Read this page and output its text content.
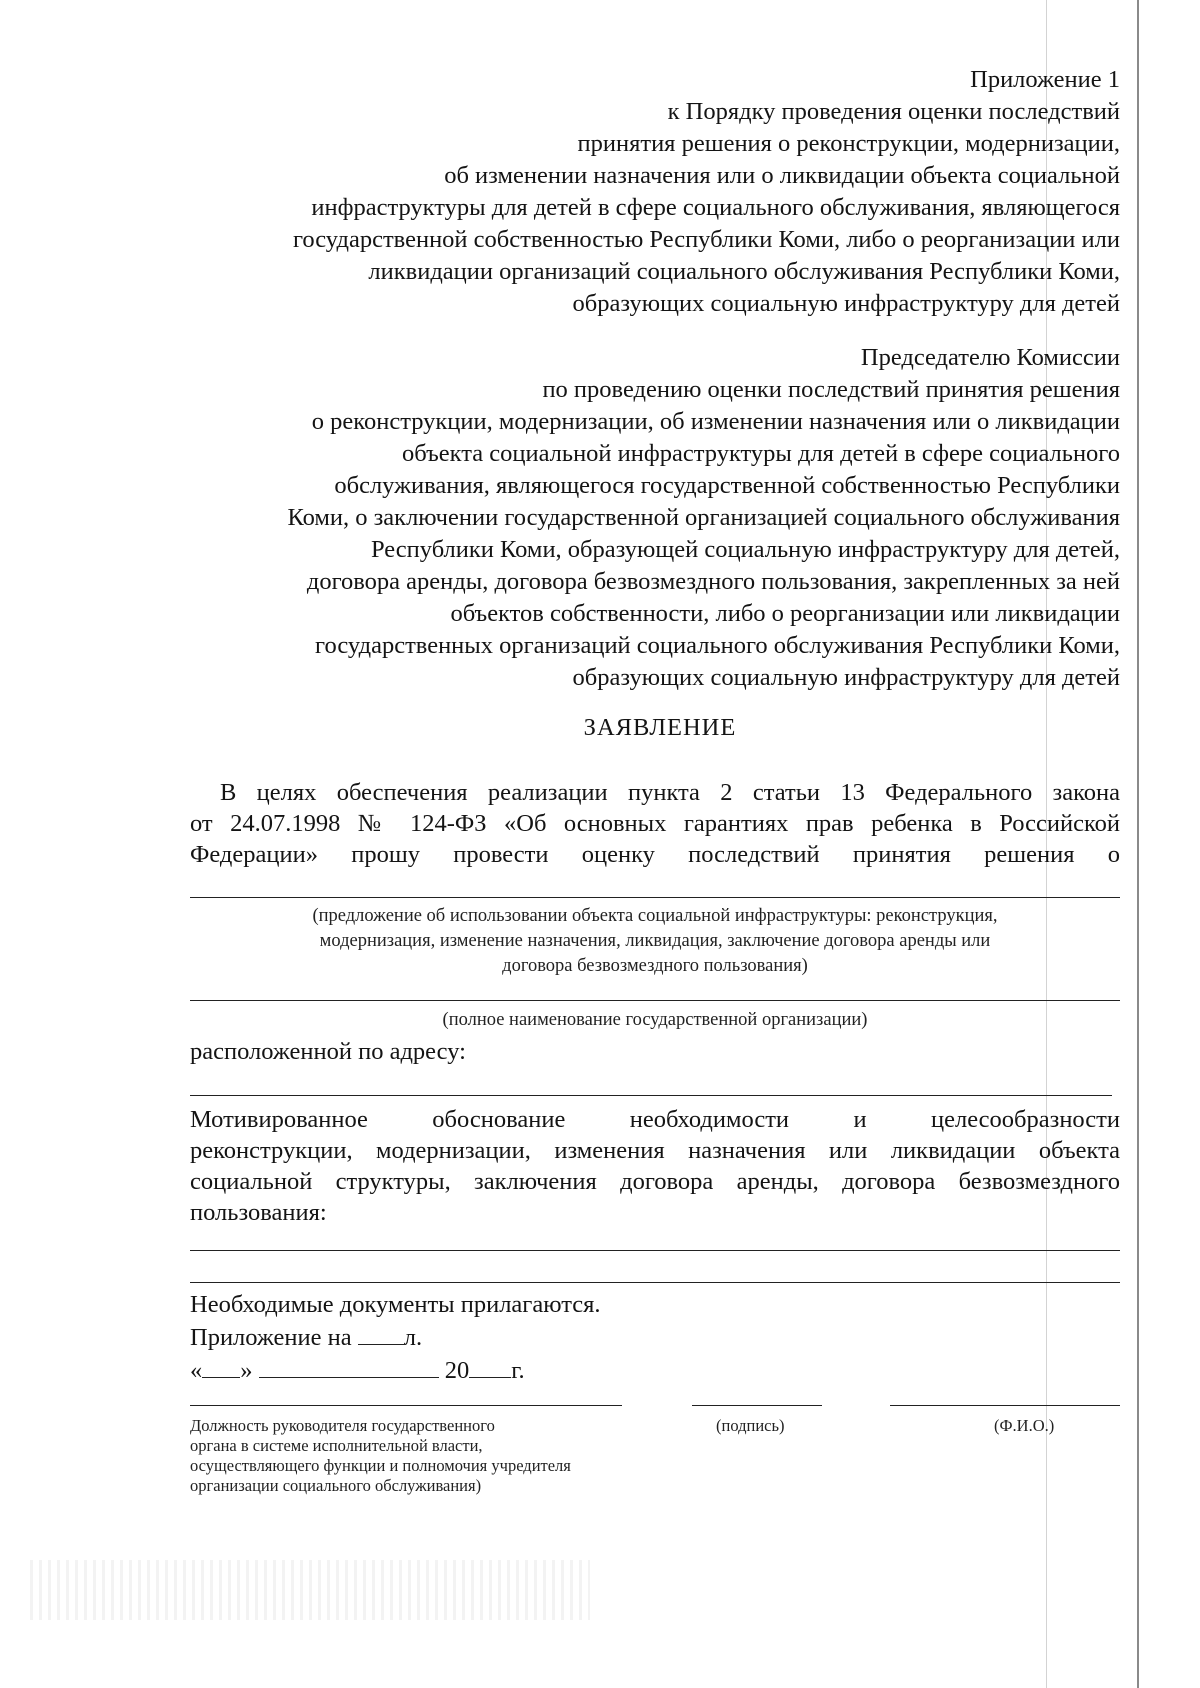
Приложение 1
к Порядку проведения оценки последствий
принятия решения о реконструкции, модернизации,
об изменении назначения или о ликвидации объекта социальной
инфраструктуры для детей в сфере социального обслуживания, являющегося
государственной собственностью Республики Коми, либо о реорганизации или
ликвидации организаций социального обслуживания Республики Коми,
образующих социальную инфраструктуру для детей
Председателю Комиссии
по проведению оценки последствий принятия решения
о реконструкции, модернизации, об изменении назначения или о ликвидации
объекта социальной инфраструктуры для детей в сфере социального
обслуживания, являющегося государственной собственностью Республики
Коми, о заключении государственной организацией социального обслуживания
Республики Коми, образующей социальную инфраструктуру для детей,
договора аренды, договора безвозмездного пользования, закрепленных за ней
объектов собственности, либо о реорганизации или ликвидации
государственных организаций социального обслуживания Республики Коми,
образующих социальную инфраструктуру для детей
ЗАЯВЛЕНИЕ
В целях обеспечения реализации пункта 2 статьи 13 Федерального закона
от 24.07.1998 № 124-ФЗ «Об основных гарантиях прав ребенка в Российской
Федерации» прошу провести оценку последствий принятия решения о
(предложение об использовании объекта социальной инфраструктуры: реконструкция,
модернизация, изменение назначения, ликвидация, заключение договора аренды или
договора безвозмездного пользования)
(полное наименование государственной организации)
расположенной по адресу:
Мотивированное обоснование необходимости и целесообразности
реконструкции, модернизации, изменения назначения или ликвидации объекта
социальной структуры, заключения договора аренды, договора безвозмездного
пользования:
Необходимые документы прилагаются.
Приложение на л.
« »	20 г.
Должность руководителя государственного
органа в системе исполнительной власти,
осуществляющего функции и полномочия учредителя
организации социального обслуживания)
(подпись)	(Ф.И.О.)
